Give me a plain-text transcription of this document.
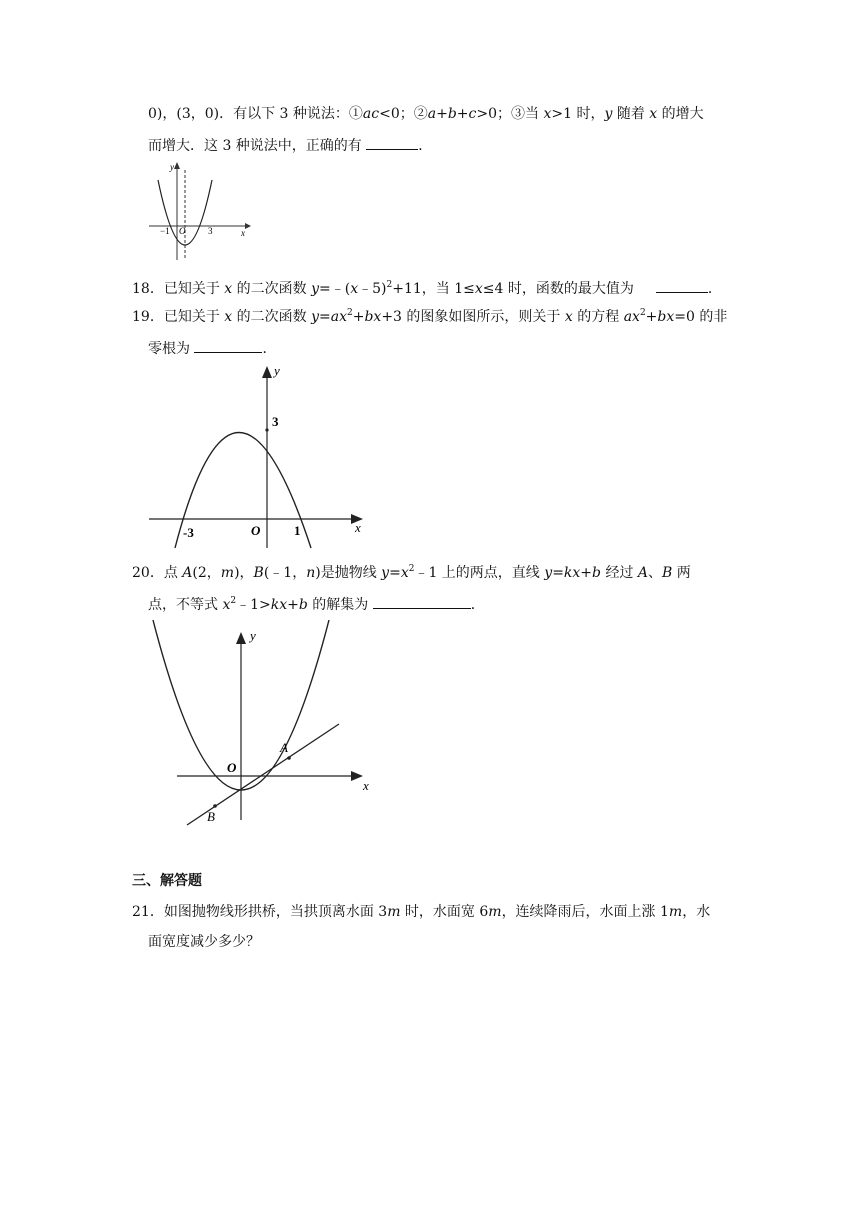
0)，(3，0)．有以下 3 种说法：①ac<0；②a+b+c>0；③当 x>1 时，y 随着 x 的增大
而增大．这 3 种说法中，正确的有	．
y
x
O
−1	3
18．已知关于 x 的二次函数 y=﹣(x﹣5)$^2$+11，当 1≤x≤4 时，函数的最大值为	．
19．已知关于 x 的二次函数 $y=ax^2+bx+3$ 的图象如图所示，则关于 x 的方程 $ax^2+bx=0$ 的非
零根为	．
y
x
O
3
-3	1
20．点 A(2，m)，B(﹣1，n)是抛物线 $y=x^2﹣1$ 上的两点，直线 y=kx+b 经过 A、B 两
点，不等式 $x^2﹣1>kx+b$ 的解集为	．
y
x
O
A
B
三、解答题
21．如图抛物线形拱桥，当拱顶离水面 3m 时，水面宽 6m，连续降雨后，水面上涨 1m，水
面宽度减少多少？
